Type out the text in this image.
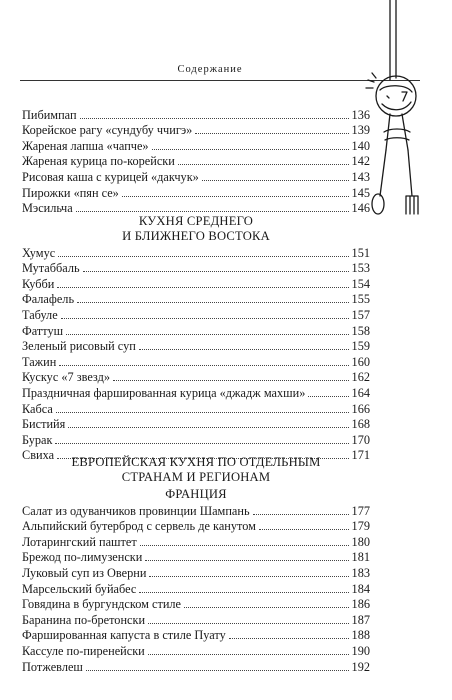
Содержание
Пибимпап	136
Корейское рагу «сундубу ччигэ»	139
Жареная лапша «чапче»	140
Жареная курица по-корейски	142
Рисовая каша с курицей «дакчук»	143
Пирожки «пян се»	145
Мэсильча	146
КУХНЯ СРЕДНЕГО
И БЛИЖНЕГО ВОСТОКА
Хумус	151
Мутаббаль	153
Кубби	154
Фалафель	155
Табуле	157
Фаттуш	158
Зеленый рисовый суп	159
Тажин	160
Кускус «7 звезд»	162
Праздничная фаршированная курица «джадж махши»	164
Кабса	166
Бистийя	168
Бурак	170
Свиха	171
ЕВРОПЕЙСКАЯ КУХНЯ ПО ОТДЕЛЬНЫМ
СТРАНАМ И РЕГИОНАМ
ФРАНЦИЯ
Салат из одуванчиков провинции Шампань	177
Альпийский бутерброд с сервель де канутом	179
Лотарингский паштет	180
Брежод по-лимузенски	181
Луковый суп из Оверни	183
Марсельский буйабес	184
Говядина в бургундском стиле	186
Баранина по-бретонски	187
Фаршированная капуста в стиле Пуату	188
Кассуле по-пиренейски	190
Потжевлеш	192
